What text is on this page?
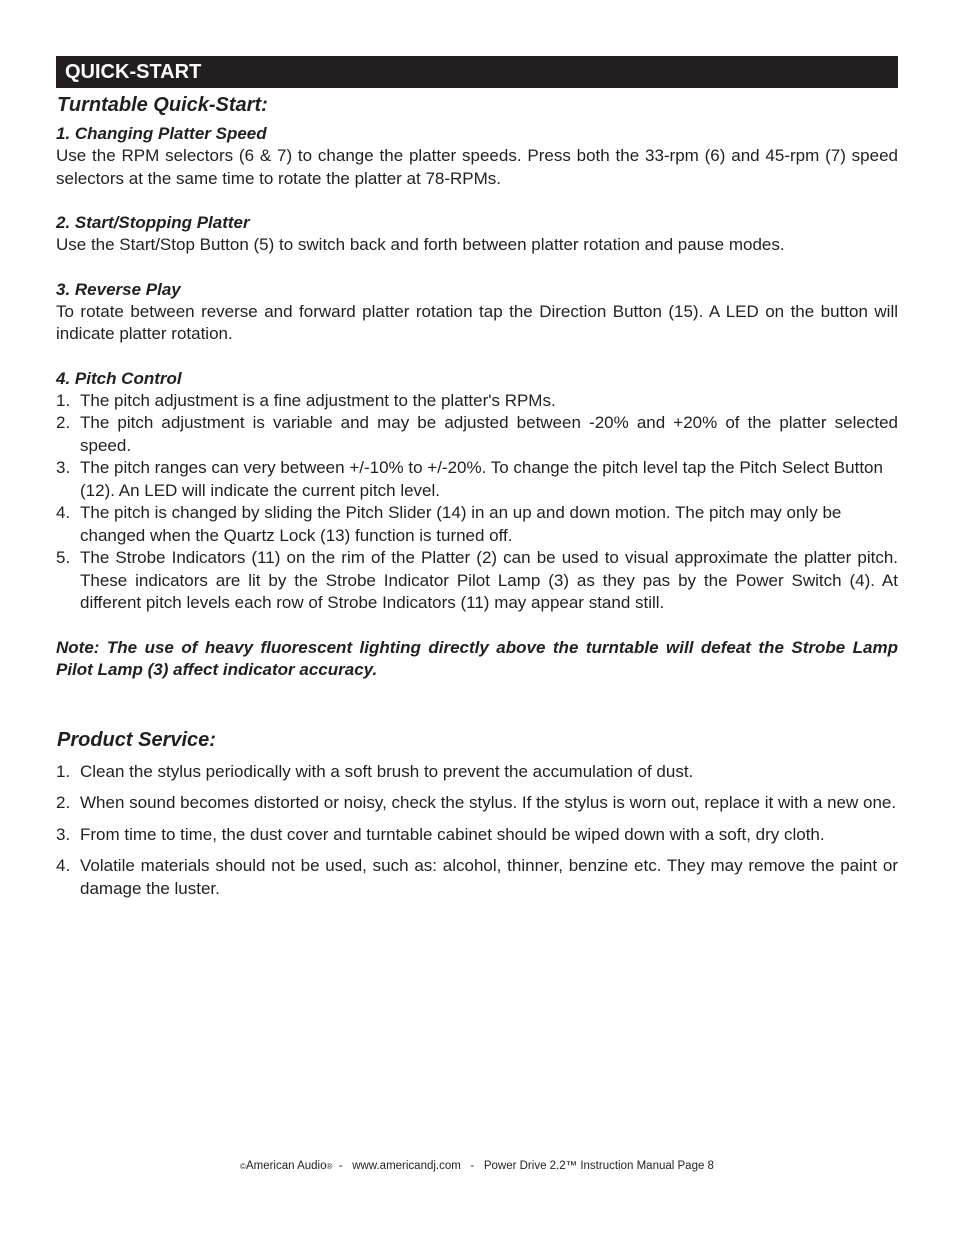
QUICK-START
Turntable Quick-Start:
1. Changing Platter Speed

Use the RPM selectors (6 & 7) to change the platter speeds. Press both the 33-rpm (6) and 45-rpm (7) speed selectors at the same time to rotate the platter at 78-RPMs.

2. Start/Stopping Platter

Use the Start/Stop Button (5) to switch back and forth between platter rotation and pause modes.

3. Reverse Play

To rotate between reverse and forward platter rotation tap the Direction Button (15). A LED on the button will indicate platter rotation.

4. Pitch Control
1. The pitch adjustment is a fine adjustment to the platter's RPMs.
2. The pitch adjustment is variable and may be adjusted between -20% and +20% of the platter selected speed.
3. The pitch ranges can very between +/-10% to +/-20%. To change the pitch level tap the Pitch Select Button (12). An LED will indicate the current pitch level.
4. The pitch is changed by sliding the Pitch Slider (14) in an up and down motion. The pitch may only be changed when the Quartz Lock (13) function is turned off.
5. The Strobe Indicators (11) on the rim of the Platter (2) can be used to visual approximate the platter pitch. These indicators are lit by the Strobe Indicator Pilot Lamp (3) as they pas by the Power Switch (4). At different pitch levels each row of Strobe Indicators (11) may appear stand still.

Note: The use of heavy fluorescent lighting directly above the turntable will defeat the Strobe Lamp Pilot Lamp (3) affect indicator accuracy.

Product Service:
1. Clean the stylus periodically with a soft brush to prevent the accumulation of dust.
2. When sound becomes distorted or noisy, check the stylus. If the stylus is worn out, replace it with a new one.
3. From time to time, the dust cover and turntable cabinet should be wiped down with a soft, dry cloth.
4. Volatile materials should not be used, such as: alcohol, thinner, benzine etc. They may remove the paint or damage the luster.
©American Audio®  -   www.americandj.com   -   Power Drive 2.2™ Instruction Manual Page 8
